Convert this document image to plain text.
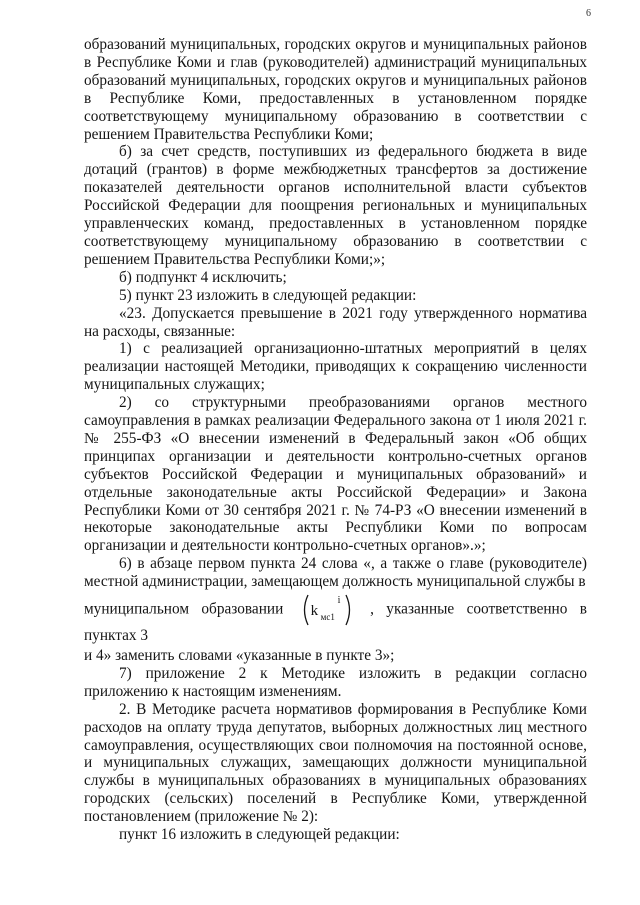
6

образований муниципальных, городских округов и муниципальных районов в Республике Коми и глав (руководителей) администраций муниципальных образований муниципальных, городских округов и муниципальных районов в Республике Коми, предоставленных в установленном порядке соответствующему муниципальному образованию в соответствии с решением Правительства Республики Коми;

б) за счет средств, поступивших из федерального бюджета в виде дотаций (грантов) в форме межбюджетных трансфертов за достижение показателей деятельности органов исполнительной власти субъектов Российской Федерации для поощрения региональных и муниципальных управленческих команд, предоставленных в установленном порядке соответствующему муниципальному образованию в соответствии с решением Правительства Республики Коми;»;

б) подпункт 4 исключить;

5) пункт 23 изложить в следующей редакции:

«23. Допускается превышение в 2021 году утвержденного норматива на расходы, связанные:

1) с реализацией организационно-штатных мероприятий в целях реализации настоящей Методики, приводящих к сокращению численности муниципальных служащих;

2) со структурными преобразованиями органов местного самоуправления в рамках реализации Федерального закона от 1 июля 2021 г. № 255-ФЗ «О внесении изменений в Федеральный закон «Об общих принципах организации и деятельности контрольно-счетных органов субъектов Российской Федерации и муниципальных образований» и отдельные законодательные акты Российской Федерации» и Закона Республики Коми от 30 сентября 2021 г. № 74-РЗ «О внесении изменений в некоторые законодательные акты Республики Коми по вопросам организации и деятельности контрольно-счетных органов».»;

6) в абзаце первом пункта 24 слова «, а также о главе (руководителе) местной администрации, замещающем должность муниципальной службы в

муниципальном образовании k мс1
i
, указанные соответственно в пунктах 3

и 4» заменить словами «указанные в пункте 3»;

7) приложение 2 к Методике изложить в редакции согласно приложению к настоящим изменениям.

2. В Методике расчета нормативов формирования в Республике Коми расходов на оплату труда депутатов, выборных должностных лиц местного самоуправления, осуществляющих свои полномочия на постоянной основе, и муниципальных служащих, замещающих должности муниципальной службы в муниципальных образованиях в муниципальных образованиях городских (сельских) поселений в Республике Коми, утвержденной постановлением (приложение № 2):

пункт 16 изложить в следующей редакции:
